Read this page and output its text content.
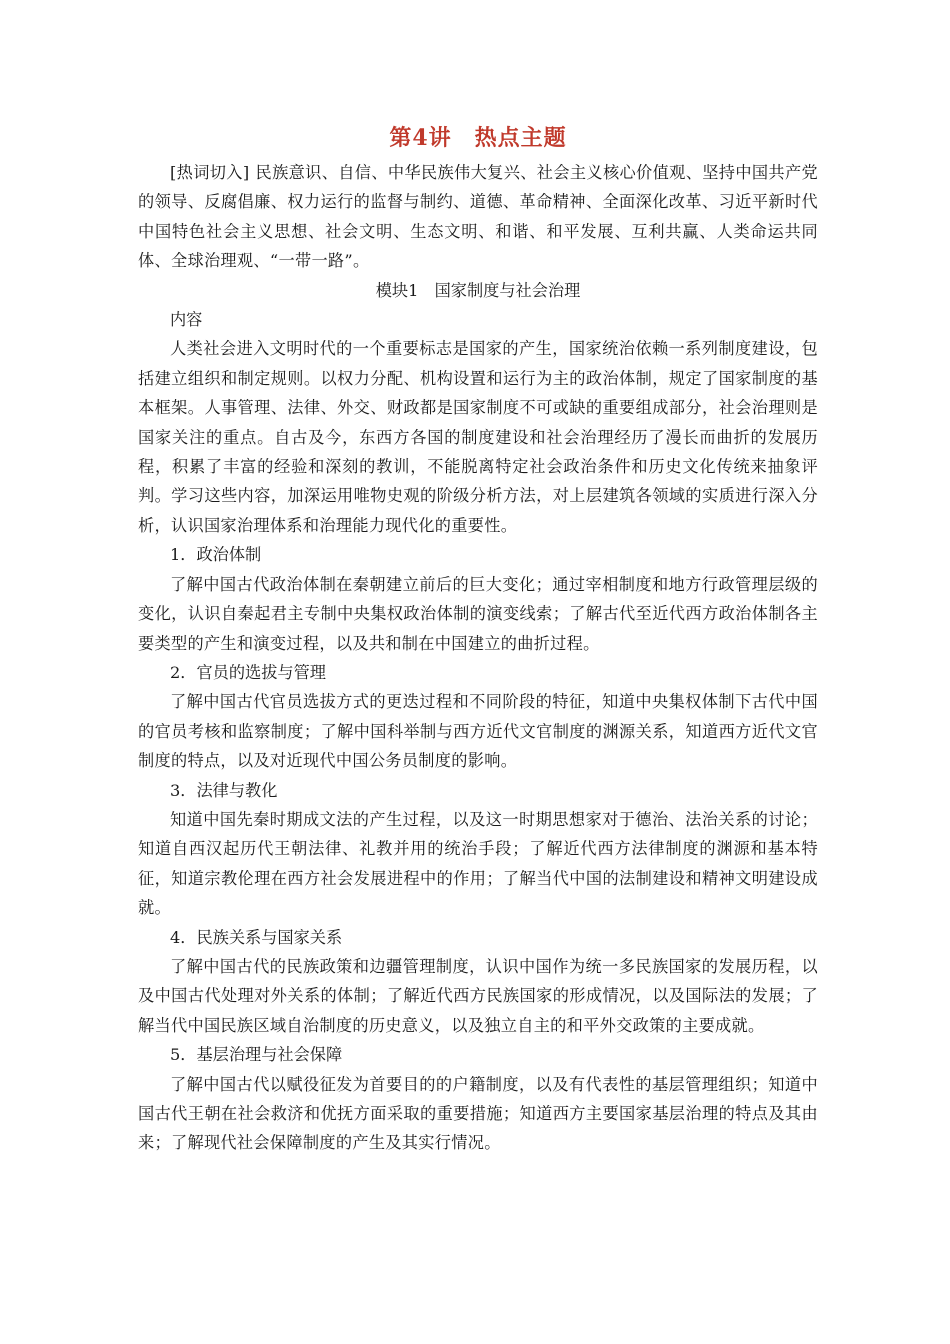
第4讲　热点主题

[热词切入] 民族意识、自信、中华民族伟大复兴、社会主义核心价值观、坚持中国共产党的领导、反腐倡廉、权力运行的监督与制约、道德、革命精神、全面深化改革、习近平新时代中国特色社会主义思想、社会文明、生态文明、和谐、和平发展、互利共赢、人类命运共同体、全球治理观、“一带一路”。

模块1　国家制度与社会治理

内容

人类社会进入文明时代的一个重要标志是国家的产生，国家统治依赖一系列制度建设，包括建立组织和制定规则。以权力分配、机构设置和运行为主的政治体制，规定了国家制度的基本框架。人事管理、法律、外交、财政都是国家制度不可或缺的重要组成部分，社会治理则是国家关注的重点。自古及今，东西方各国的制度建设和社会治理经历了漫长而曲折的发展历程，积累了丰富的经验和深刻的教训，不能脱离特定社会政治条件和历史文化传统来抽象评判。学习这些内容，加深运用唯物史观的阶级分析方法，对上层建筑各领域的实质进行深入分析，认识国家治理体系和治理能力现代化的重要性。

1．政治体制

了解中国古代政治体制在秦朝建立前后的巨大变化；通过宰相制度和地方行政管理层级的变化，认识自秦起君主专制中央集权政治体制的演变线索；了解古代至近代西方政治体制各主要类型的产生和演变过程，以及共和制在中国建立的曲折过程。

2．官员的选拔与管理

了解中国古代官员选拔方式的更迭过程和不同阶段的特征，知道中央集权体制下古代中国的官员考核和监察制度；了解中国科举制与西方近代文官制度的渊源关系，知道西方近代文官制度的特点，以及对近现代中国公务员制度的影响。

3．法律与教化

知道中国先秦时期成文法的产生过程，以及这一时期思想家对于德治、法治关系的讨论；知道自西汉起历代王朝法律、礼教并用的统治手段；了解近代西方法律制度的渊源和基本特征，知道宗教伦理在西方社会发展进程中的作用；了解当代中国的法制建设和精神文明建设成就。

4．民族关系与国家关系

了解中国古代的民族政策和边疆管理制度，认识中国作为统一多民族国家的发展历程，以及中国古代处理对外关系的体制；了解近代西方民族国家的形成情况，以及国际法的发展；了解当代中国民族区域自治制度的历史意义，以及独立自主的和平外交政策的主要成就。

5．基层治理与社会保障

了解中国古代以赋役征发为首要目的的户籍制度，以及有代表性的基层管理组织；知道中国古代王朝在社会救济和优抚方面采取的重要措施；知道西方主要国家基层治理的特点及其由来；了解现代社会保障制度的产生及其实行情况。
